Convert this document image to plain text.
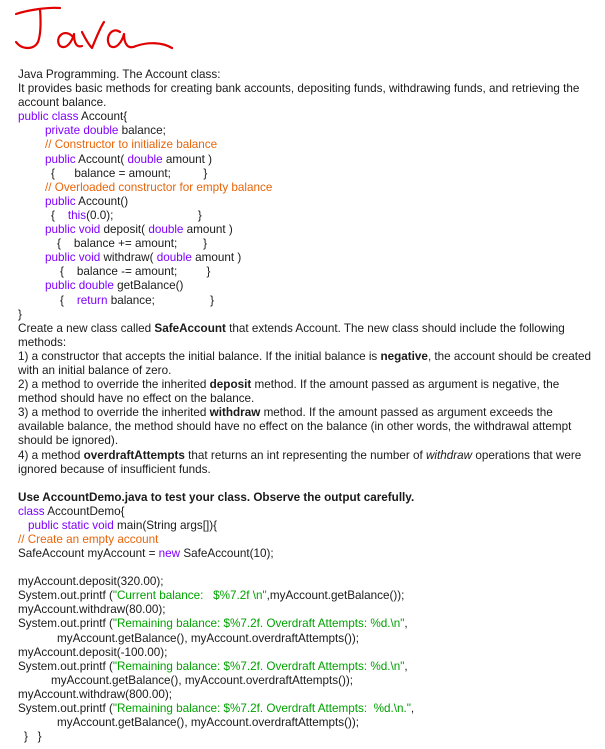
Java Programming. The Account class:
It provides basic methods for creating bank accounts, depositing funds, withdrawing funds, and retrieving the account balance.
public class Account{
private double balance;
// Constructor to initialize balance
public Account( double amount )
{      balance = amount;          }
// Overloaded constructor for empty balance
public Account()
{    this(0.0);                          }
public void deposit( double amount )
{    balance += amount;        }
public void withdraw( double amount )
{    balance -= amount;         }
public double getBalance()
{    return balance;                 }
}
Create a new class called SafeAccount that extends Account. The new class should include the following methods:
1) a constructor that accepts the initial balance. If the initial balance is negative, the account should be created with an initial balance of zero.
2) a method to override the inherited deposit method. If the amount passed as argument is negative, the method should have no effect on the balance.
3) a method to override the inherited withdraw method. If the amount passed as argument exceeds the available balance, the method should have no effect on the balance (in other words, the withdrawal attempt should be ignored).
4) a method overdraftAttempts that returns an int representing the number of withdraw operations that were ignored because of insufficient funds.
Use AccountDemo.java to test your class. Observe the output carefully.
class AccountDemo{
public static void main(String args[]){
// Create an empty account
SafeAccount myAccount = new SafeAccount(10);
myAccount.deposit(320.00);
System.out.printf ("Current balance:   $%7.2f \n",myAccount.getBalance());
myAccount.withdraw(80.00);
System.out.printf ("Remaining balance: $%7.2f. Overdraft Attempts: %d.\n",
myAccount.getBalance(), myAccount.overdraftAttempts());
myAccount.deposit(-100.00);
System.out.printf ("Remaining balance: $%7.2f. Overdraft Attempts: %d.\n",
myAccount.getBalance(), myAccount.overdraftAttempts());
myAccount.withdraw(800.00);
System.out.printf ("Remaining balance: $%7.2f. Overdraft Attempts:  %d.\n.",
myAccount.getBalance(), myAccount.overdraftAttempts());
}   }
